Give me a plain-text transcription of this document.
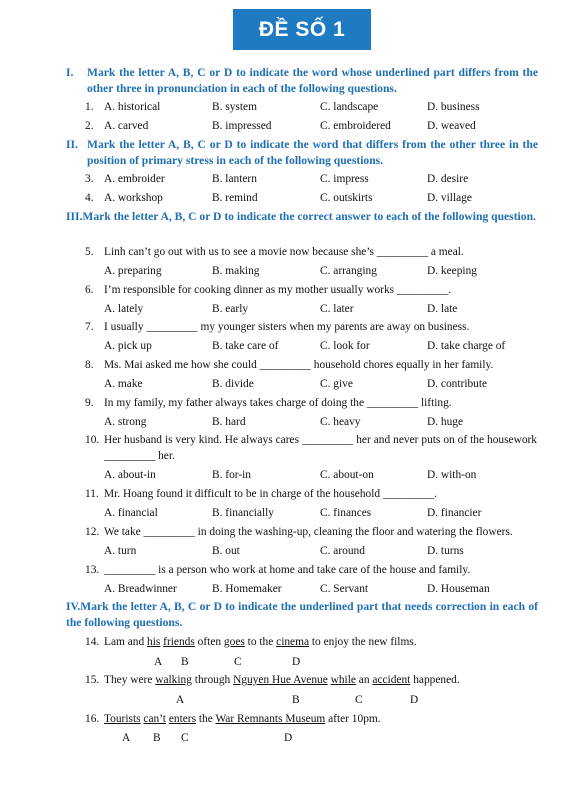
ĐỀ SỐ 1
I.	Mark the letter A, B, C or D to indicate the word whose underlined part differs from the other three in pronunciation in each of the following questions.
1. A. historical	B. system	C. landscape	D. business
2. A. carved	B. impressed	C. embroidered	D. weaved
II. Mark the letter A, B, C or D to indicate the word that differs from the other three in the position of primary stress in each of the following questions.
3. A. embroider	B. lantern	C. impress	D. desire
4. A. workshop	B. remind	C. outskirts	D. village
III.Mark the letter A, B, C or D to indicate the correct answer to each of the following question.
5. Linh can’t go out with us to see a movie now because she’s _________ a meal.
A. preparing	B. making	C. arranging	D. keeping
6. I’m responsible for cooking dinner as my mother usually works _________.
A. lately	B. early	C. later	D. late
7. I usually _________ my younger sisters when my parents are away on business.
A. pick up	B. take care of	C. look for	D. take charge of
8. Ms. Mai asked me how she could _________ household chores equally in her family.
A. make	B. divide	C. give	D. contribute
9. In my family, my father always takes charge of doing the _________ lifting.
A. strong	B. hard	C. heavy	D. huge
10. Her husband is very kind. He always cares _________ her and never puts on of the housework _________ her.
A. about-in	B. for-in	C. about-on	D. with-on
11. Mr. Hoang found it difficult to be in charge of the household _________.
A. financial	B. financially	C. finances	D. financier
12. We take _________ in doing the washing-up, cleaning the floor and watering the flowers.
A. turn	B. out	C. around	D. turns
13. _________ is a person who work at home and take care of the house and family.
A. Breadwinner	B. Homemaker	C. Servant	D. Houseman
IV.Mark the letter A, B, C or D to indicate the underlined part that needs correction in each of the following questions.
14. Lam and his friends often goes to the cinema to enjoy the new films.
A B	C	D
15. They were walking through Nguyen Hue Avenue while an accident happened.
A	B	C	D
16. Tourists can’t enters the War Remnants Museum after 10pm.
A B C	D
